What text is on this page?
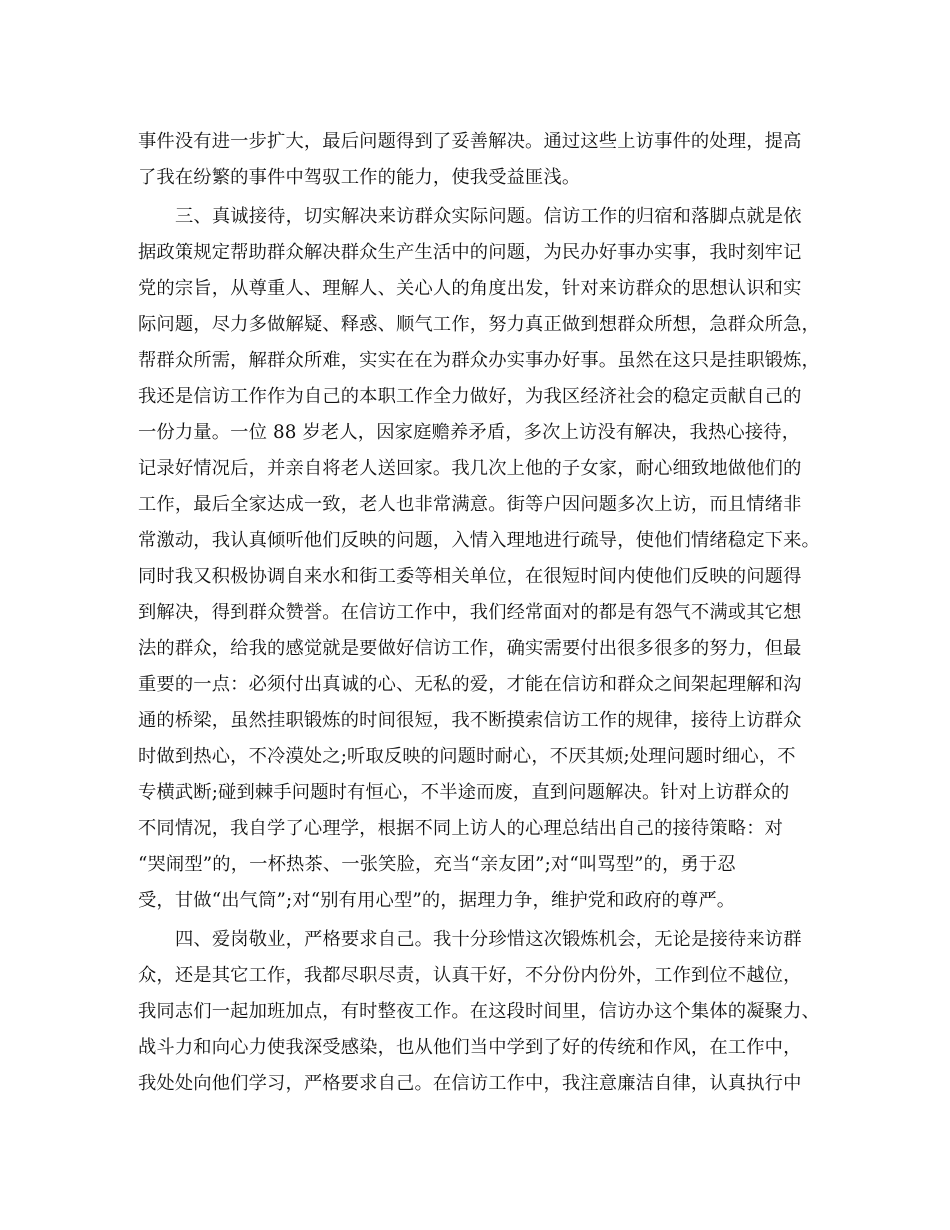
事件没有进一步扩大，最后问题得到了妥善解决。通过这些上访事件的处理，提高
了我在纷繁的事件中驾驭工作的能力，使我受益匪浅。
三、真诚接待，切实解决来访群众实际问题。信访工作的归宿和落脚点就是依
据政策规定帮助群众解决群众生产生活中的问题，为民办好事办实事，我时刻牢记
党的宗旨，从尊重人、理解人、关心人的角度出发，针对来访群众的思想认识和实
际问题，尽力多做解疑、释惑、顺气工作，努力真正做到想群众所想，急群众所急，
帮群众所需，解群众所难，实实在在为群众办实事办好事。虽然在这只是挂职锻炼，
我还是信访工作作为自己的本职工作全力做好，为我区经济社会的稳定贡献自己的
一份力量。一位 88 岁老人，因家庭赡养矛盾，多次上访没有解决，我热心接待，
记录好情况后，并亲自将老人送回家。我几次上他的子女家，耐心细致地做他们的
工作，最后全家达成一致，老人也非常满意。街等户因问题多次上访，而且情绪非
常激动，我认真倾听他们反映的问题，入情入理地进行疏导，使他们情绪稳定下来。
同时我又积极协调自来水和街工委等相关单位，在很短时间内使他们反映的问题得
到解决，得到群众赞誉。在信访工作中，我们经常面对的都是有怨气不满或其它想
法的群众，给我的感觉就是要做好信访工作，确实需要付出很多很多的努力，但最
重要的一点：必须付出真诚的心、无私的爱，才能在信访和群众之间架起理解和沟
通的桥梁，虽然挂职锻炼的时间很短，我不断摸索信访工作的规律，接待上访群众
时做到热心，不冷漠处之;听取反映的问题时耐心，不厌其烦;处理问题时细心，不
专横武断;碰到棘手问题时有恒心，不半途而废，直到问题解决。针对上访群众的
不同情况，我自学了心理学，根据不同上访人的心理总结出自己的接待策略：对
“哭闹型”的，一杯热茶、一张笑脸，充当“亲友团”;对“叫骂型”的，勇于忍
受，甘做“出气筒”;对“别有用心型”的，据理力争，维护党和政府的尊严。
四、爱岗敬业，严格要求自己。我十分珍惜这次锻炼机会，无论是接待来访群
众，还是其它工作，我都尽职尽责，认真干好，不分份内份外，工作到位不越位，
我同志们一起加班加点，有时整夜工作。在这段时间里，信访办这个集体的凝聚力、
战斗力和向心力使我深受感染，也从他们当中学到了好的传统和作风，在工作中，
我处处向他们学习，严格要求自己。在信访工作中，我注意廉洁自律，认真执行中
